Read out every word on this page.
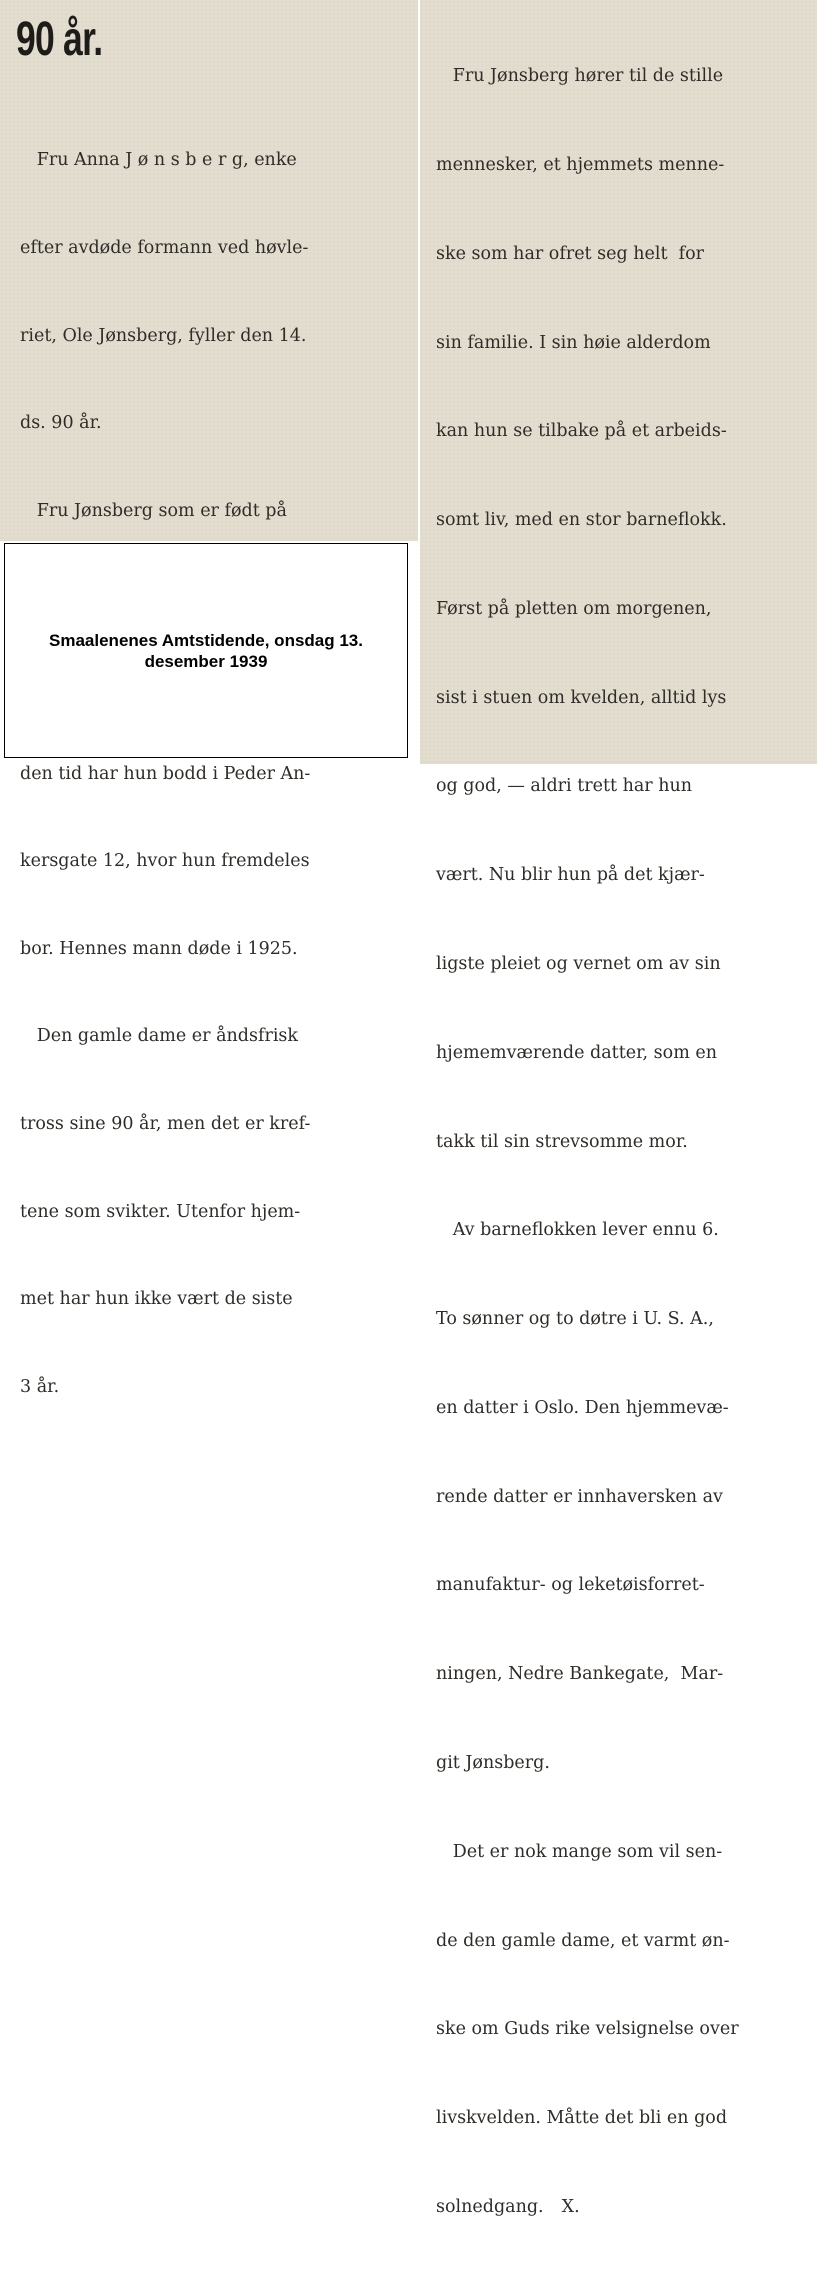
90 år.

Fru Anna J ø n s b e r g, enke

efter avdøde formann ved høvle-

riet, Ole Jønsberg, fyller den 14.

ds. 90 år.

Fru Jønsberg som er født på

den tid har hun bodd i Peder An-

kersgate 12, hvor hun fremdeles

bor. Hennes mann døde i 1925.

Den gamle dame er åndsfrisk

tross sine 90 år, men det er kref-

tene som svikter. Utenfor hjem-

met har hun ikke vært de siste

3 år.

Smaalenenes Amtstidende, onsdag 13. desember 1939

Fru Jønsberg hører til de stille

mennesker, et hjemmets menne-

ske som har ofret seg helt  for

sin familie. I sin høie alderdom

kan hun se tilbake på et arbeids-

somt liv, med en stor barneflokk.

Først på pletten om morgenen,

sist i stuen om kvelden, alltid lys

og god, — aldri trett har hun

vært. Nu blir hun på det kjær-

ligste pleiet og vernet om av sin

hjememværende datter, som en

takk til sin strevsomme mor.

Av barneflokken lever ennu 6.

To sønner og to døtre i U. S. A.,

en datter i Oslo. Den hjemmevæ-

rende datter er innhaversken av

manufaktur- og leketøisforret-

ningen, Nedre Bankegate,  Mar-

git Jønsberg.

Det er nok mange som vil sen-

de den gamle dame, et varmt øn-

ske om Guds rike velsignelse over

livskvelden. Måtte det bli en god

solnedgang. X.
